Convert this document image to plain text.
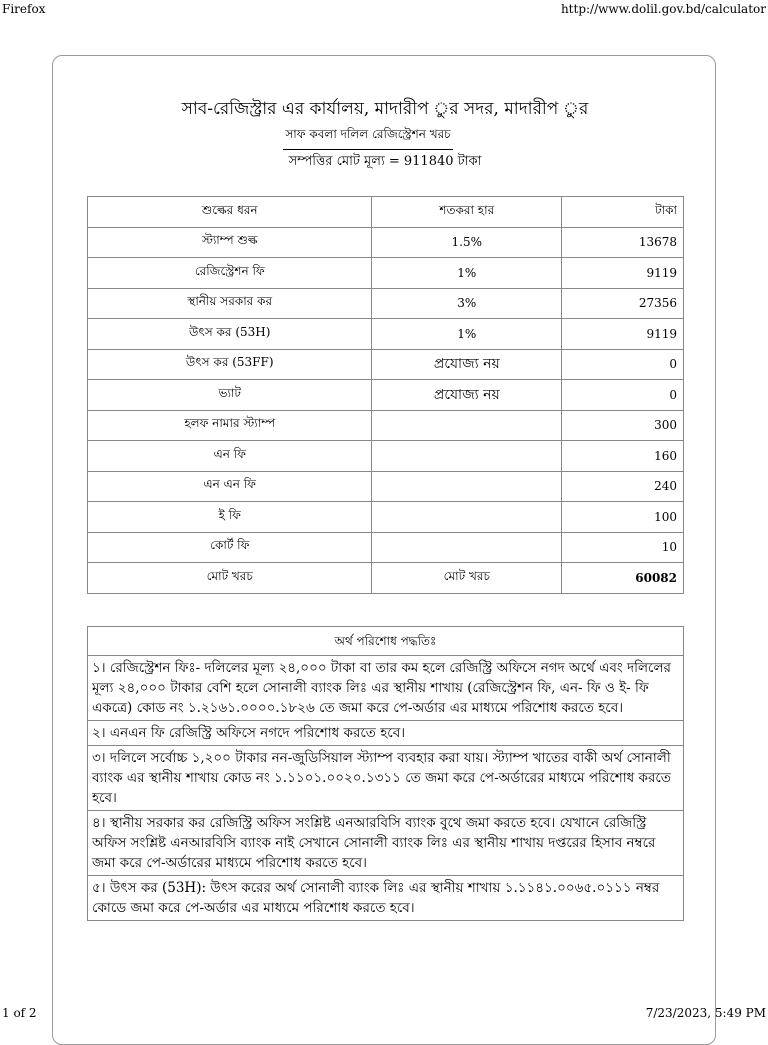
Firefox	http://www.dolil.gov.bd/calculator
সাব-রেজিস্ট্রার এর কার্যালয়, মাদারীপ ুর সদর, মাদারীপ ুর
সাফ কবলা দলিল রেজিস্ট্রেশন খরচ
সম্পত্তির মোট মূল্য = 911840 টাকা
শুল্কের ধরন	শতকরা হার	টাকা
স্ট্যাম্প শুল্ক	1.5%	13678
রেজিস্ট্রেশন ফি	1%	9119
স্থানীয় সরকার কর	3%	27356
উৎস কর (53H)	1%	9119
উৎস কর (53FF)	প্রযোজ্য নয়	0
ভ্যাট	প্রযোজ্য নয়	0
হলফ নামার স্ট্যাম্প		300
এন ফি		160
এন এন ফি		240
ই ফি		100
কোর্ট ফি		10
মোট খরচ	মোট খরচ	60082
অর্থ পরিশোধ পদ্ধতিঃ
১। রেজিস্ট্রেশন ফিঃ- দলিলের মূল্য ২৪,০০০ টাকা বা তার কম হলে রেজিস্ট্রি অফিসে নগদ অর্থে এবং দলিলের মূল্য ২৪,০০০ টাকার বেশি হলে সোনালী ব্যাংক লিঃ এর স্থানীয় শাখায় (রেজিস্ট্রেশন ফি, এন- ফি ও ই- ফি একত্রে) কোড নং ১.২১৬১.০০০০.১৮২৬ তে জমা করে পে-অর্ডার এর মাধ্যমে পরিশোধ করতে হবে।
২। এনএন ফি রেজিস্ট্রি অফিসে নগদে পরিশোধ করতে হবে।
৩। দলিলে সর্বোচ্চ ১,২০০ টাকার নন-জুডিসিয়াল স্ট্যাম্প ব্যবহার করা যায়। স্ট্যাম্প খাতের বাকী অর্থ সোনালী ব্যাংক এর স্থানীয় শাখায় কোড নং ১.১১০১.০০২০.১৩১১ তে জমা করে পে-অর্ডারের মাধ্যমে পরিশোধ করতে হবে।
৪। স্থানীয় সরকার কর রেজিস্ট্রি অফিস সংশ্লিষ্ট এনআরবিসি ব্যাংক বুথে জমা করতে হবে। যেখানে রেজিস্ট্রি অফিস সংশ্লিষ্ট এনআরবিসি ব্যাংক নাই সেখানে সোনালী ব্যাংক লিঃ এর স্থানীয় শাখায় দপ্তরের হিসাব নম্বরে জমা করে পে-অর্ডারের মাধ্যমে পরিশোধ করতে হবে।
৫। উৎস কর (53H): উৎস করের অর্থ সোনালী ব্যাংক লিঃ এর স্থানীয় শাখায় ১.১১৪১.০০৬৫.০১১১ নম্বর কোডে জমা করে পে-অর্ডার এর মাধ্যমে পরিশোধ করতে হবে।
1 of 2	7/23/2023, 5:49 PM
